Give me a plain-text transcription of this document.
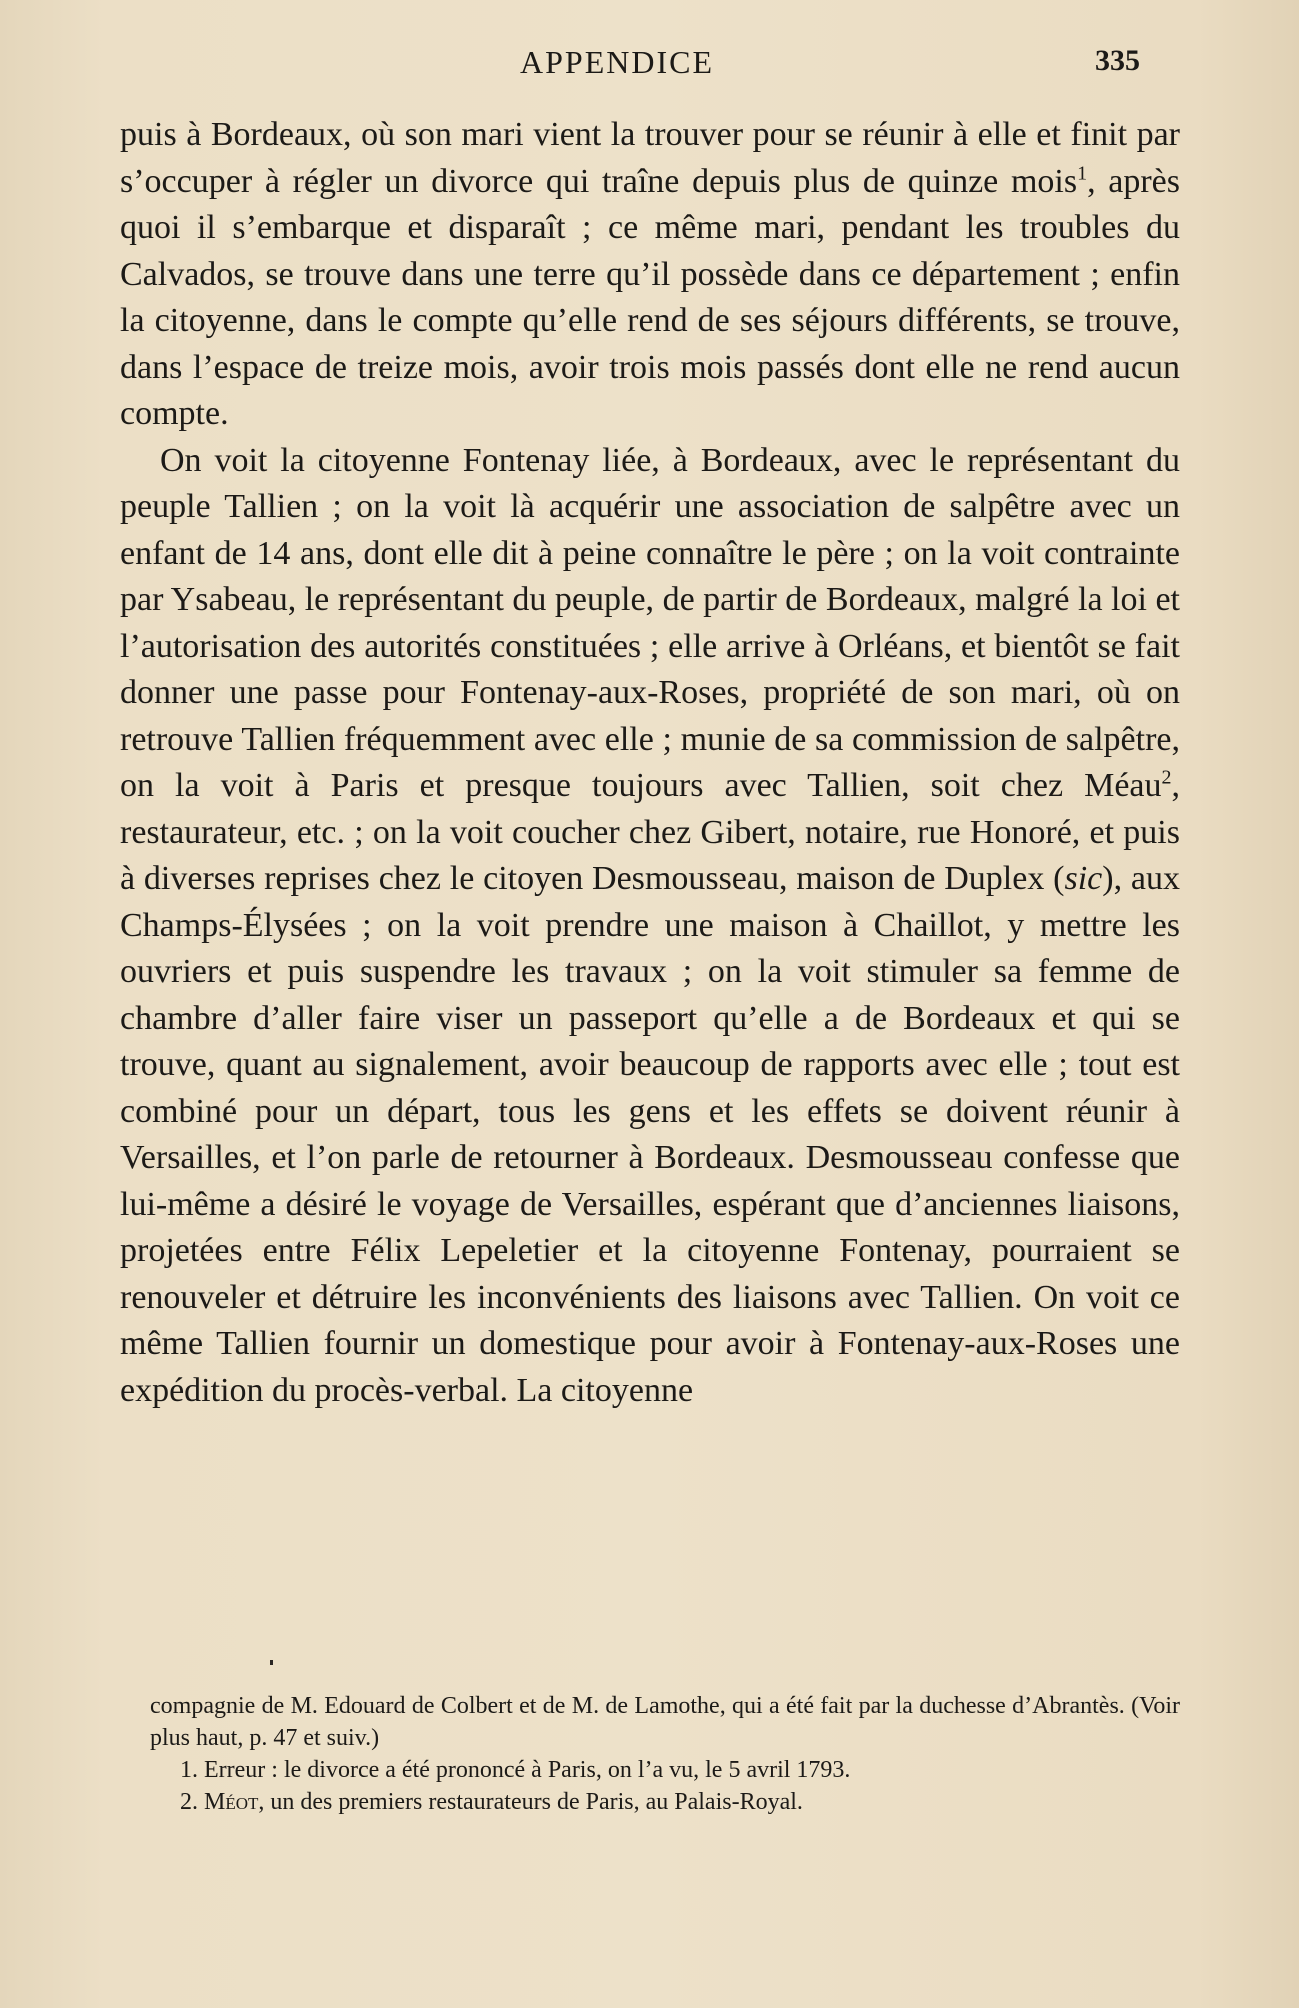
APPENDICE	335

puis à Bordeaux, où son mari vient la trouver pour se réunir à elle et finit par s’occuper à régler un divorce qui traîne depuis plus de quinze mois$^1$, après quoi il s’embarque et disparaît ; ce même mari, pendant les troubles du Calvados, se trouve dans une terre qu’il possède dans ce département ; enfin la citoyenne, dans le compte qu’elle rend de ses séjours différents, se trouve, dans l’espace de treize mois, avoir trois mois passés dont elle ne rend aucun compte.

On voit la citoyenne Fontenay liée, à Bordeaux, avec le représentant du peuple Tallien ; on la voit là acquérir une association de salpêtre avec un enfant de 14 ans, dont elle dit à peine connaître le père ; on la voit contrainte par Ysabeau, le représentant du peuple, de partir de Bordeaux, malgré la loi et l’autorisation des autorités constituées ; elle arrive à Orléans, et bientôt se fait donner une passe pour Fontenay-aux-Roses, propriété de son mari, où on retrouve Tallien fréquemment avec elle ; munie de sa commission de salpêtre, on la voit à Paris et presque toujours avec Tallien, soit chez Méau$^2$, restaurateur, etc. ; on la voit coucher chez Gibert, notaire, rue Honoré, et puis à diverses reprises chez le citoyen Desmousseau, maison de Duplex (sic), aux Champs-Élysées ; on la voit prendre une maison à Chaillot, y mettre les ouvriers et puis suspendre les travaux ; on la voit stimuler sa femme de chambre d’aller faire viser un passeport qu’elle a de Bordeaux et qui se trouve, quant au signalement, avoir beaucoup de rapports avec elle ; tout est combiné pour un départ, tous les gens et les effets se doivent réunir à Versailles, et l’on parle de retourner à Bordeaux. Desmousseau confesse que lui-même a désiré le voyage de Versailles, espérant que d’anciennes liaisons, projetées entre Félix Lepeletier et la citoyenne Fontenay, pourraient se renouveler et détruire les inconvénients des liaisons avec Tallien. On voit ce même Tallien fournir un domestique pour avoir à Fontenay-aux-Roses une expédition du procès-verbal. La citoyenne

compagnie de M. Edouard de Colbert et de M. de Lamothe, qui a été fait par la duchesse d’Abrantès. (Voir plus haut, p. 47 et suiv.)

1. Erreur : le divorce a été prononcé à Paris, on l’a vu, le 5 avril 1793.

2. Méot, un des premiers restaurateurs de Paris, au Palais-Royal.
